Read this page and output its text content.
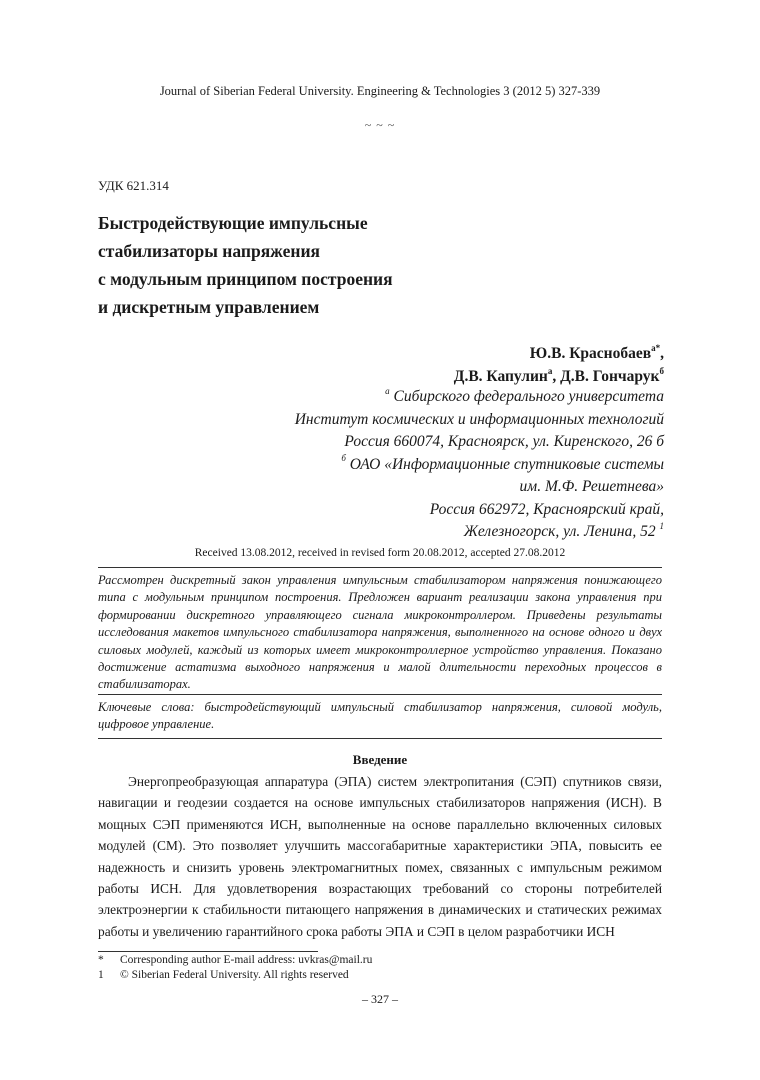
Journal of Siberian Federal University. Engineering & Technologies 3 (2012 5) 327-339
~ ~ ~
УДК 621.314
Быстродействующие импульсные
стабилизаторы напряжения
с модульным принципом построения
и дискретным управлением
Ю.В. Краснобаев$^{а*}$,
Д.В. Капулин$^а$, Д.В. Гончарук$^б$
$^а$ Сибирского федерального университета
Институт космических и информационных технологий
Россия 660074, Красноярск, ул. Киренского, 26 б
$^б$ ОАО «Информационные спутниковые системы
им. М.Ф. Решетнева»
Россия 662972, Красноярский край,
Железногорск, ул. Ленина, 52 $^1$
Received 13.08.2012, received in revised form 20.08.2012, accepted 27.08.2012
Рассмотрен дискретный закон управления импульсным стабилизатором напряжения понижающего типа с модульным принципом построения. Предложен вариант реализации закона управления при формировании дискретного управляющего сигнала микроконтроллером. Приведены результаты исследования макетов импульсного стабилизатора напряжения, выполненного на основе одного и двух силовых модулей, каждый из которых имеет микроконтроллерное устройство управления. Показано достижение астатизма выходного напряжения и малой длительности переходных процессов в стабилизаторах.
Ключевые слова: быстродействующий импульсный стабилизатор напряжения, силовой модуль, цифровое управление.
Введение
Энергопреобразующая аппаратура (ЭПА) систем электропитания (СЭП) спутников связи, навигации и геодезии создается на основе импульсных стабилизаторов напряжения (ИСН). В мощных СЭП применяются ИСН, выполненные на основе параллельно включенных силовых модулей (СМ). Это позволяет улучшить массогабаритные характеристики ЭПА, повысить ее надежность и снизить уровень электромагнитных помех, связанных с импульсным режимом работы ИСН. Для удовлетворения возрастающих требований со стороны потребителей электроэнергии к стабильности питающего напряжения в динамических и статических режимах работы и увеличению гарантийного срока работы ЭПА и СЭП в целом разработчики ИСН
*	Corresponding author E-mail address: uvkras@mail.ru
1	© Siberian Federal University. All rights reserved
– 327 –
